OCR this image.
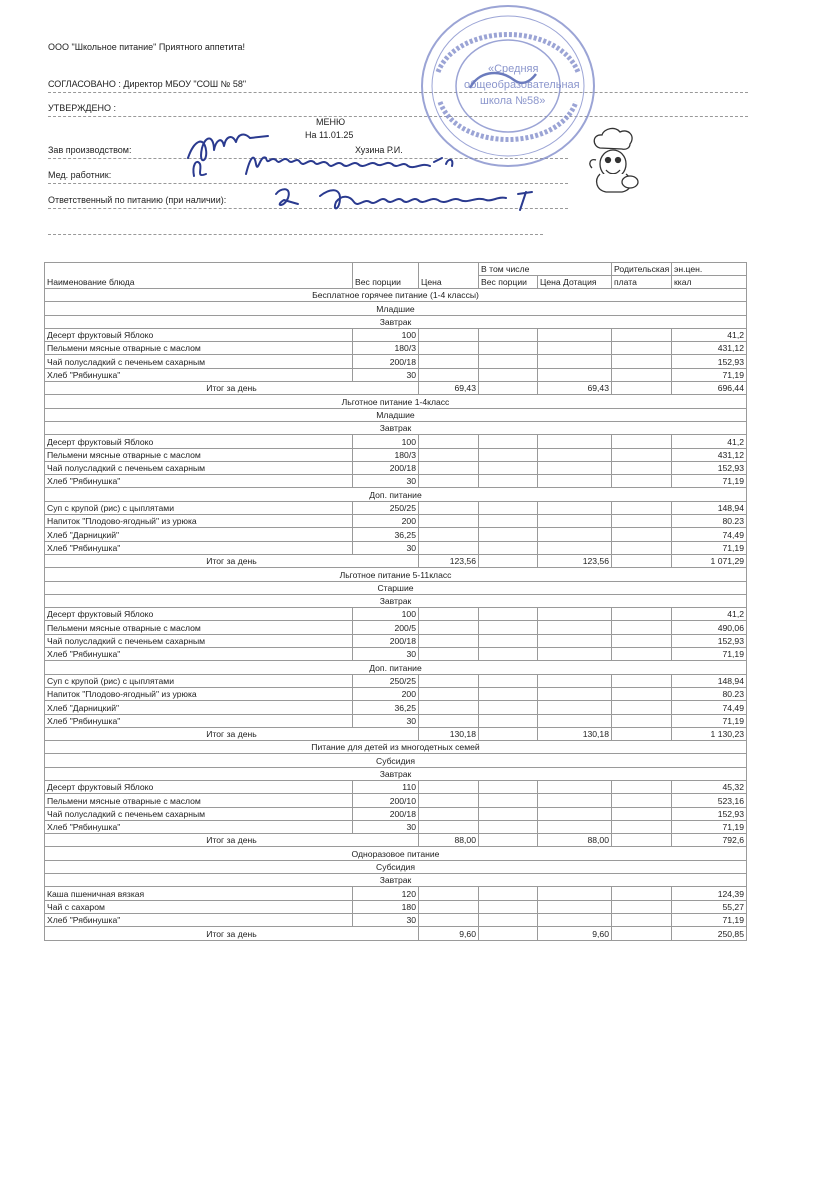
ООО "Школьное питание" Приятного аппетита!
СОГЛАСОВАНО : Директор МБОУ "СОШ № 58"
УТВЕРЖДЕНО :
МЕНЮ
На 11.01.25
Зав производством:	Хузина Р.И.
Мед. работник:
Ответственный по питанию (при наличии):
«Средняя
общеобразовательная
школа №58»
Наименование блюда	Вес порции	Цена	В том числе		Родительская	эн.цен.
			Вес порции	Цена Дотация	плата	ккал
Бесплатное горячее питание (1-4 классы)						
Младшие						
Завтрак						
Десерт фруктовый Яблоко	100					41,2
Пельмени мясные отварные с маслом	180/3					431,12
Чай полусладкий с печеньем сахарным	200/18					152,93
Хлеб "Рябинушка"	30					71,19
Итог за день		69,43		69,43		696,44
Льготное питание 1-4класс						
Младшие						
Завтрак						
Десерт фруктовый Яблоко	100					41,2
Пельмени мясные отварные с маслом	180/3					431,12
Чай полусладкий с печеньем сахарным	200/18					152,93
Хлеб "Рябинушка"	30					71,19
Доп. питание						
Суп с крупой (рис) с цыплятами	250/25					148,94
Напиток "Плодово-ягодный" из урюка	200					80.23
Хлеб "Дарницкий"	36,25					74,49
Хлеб "Рябинушка"	30					71,19
Итог за день		123,56		123,56		1 071,29
Льготное питание 5-11класс						
Старшие						
Завтрак						
Десерт фруктовый Яблоко	100					41,2
Пельмени мясные отварные с маслом	200/5					490,06
Чай полусладкий с печеньем сахарным	200/18					152,93
Хлеб "Рябинушка"	30					71,19
Доп. питание						
Суп с крупой (рис) с цыплятами	250/25					148,94
Напиток "Плодово-ягодный" из урюка	200					80.23
Хлеб "Дарницкий"	36,25					74,49
Хлеб "Рябинушка"	30					71,19
Итог за день		130,18		130,18		1 130,23
Питание для детей из многодетных семей						
Субсидия						
Завтрак						
Десерт фруктовый Яблоко	110					45,32
Пельмени мясные отварные с маслом	200/10					523,16
Чай полусладкий с печеньем сахарным	200/18					152,93
Хлеб "Рябинушка"	30					71,19
Итог за день		88,00		88,00		792,6
Одноразовое питание						
Субсидия						
Завтрак						
Каша пшеничная вязкая	120					124,39
Чай с сахаром	180					55,27
Хлеб "Рябинушка"	30					71,19
Итог за день		9,60		9,60		250,85
